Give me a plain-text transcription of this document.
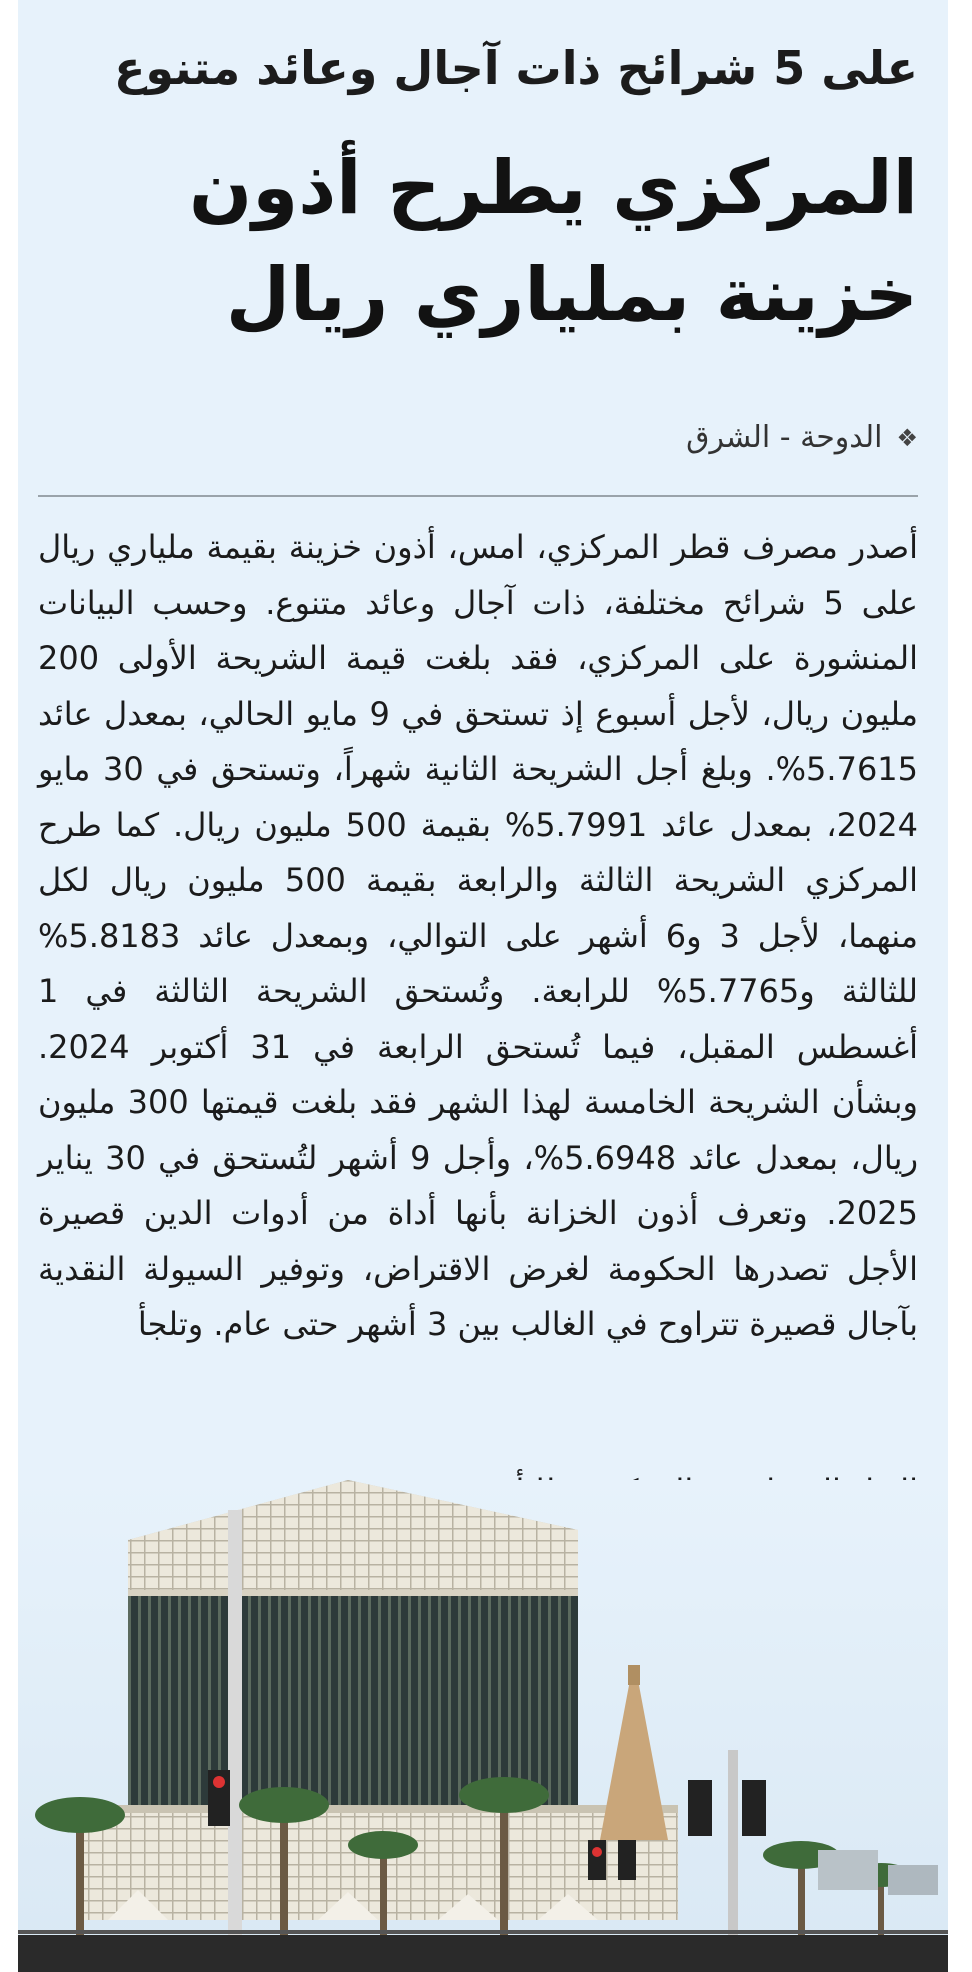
على 5 شرائح ذات آجال وعائد متنوع
المركزي يطرح أذون خزينة بملياري ريال
❖
الدوحة - الشرق
أصدر مصرف قطر المركزي، امس، أذون خزينة بقيمة ملياري ريال على 5 شرائح مختلفة، ذات آجال وعائد متنوع. وحسب البيانات المنشورة على المركزي، فقد بلغت قيمة الشريحة الأولى 200 مليون ريال، لأجل أسبوع إذ تستحق في 9 مايو الحالي، بمعدل عائد 5.7615%. وبلغ أجل الشريحة الثانية شهراً، وتستحق في 30 مايو 2024، بمعدل عائد 5.7991% بقيمة 500 مليون ريال. كما طرح المركزي الشريحة الثالثة والرابعة بقيمة 500 مليون ريال لكل منهما، لأجل 3 و6 أشهر على التوالي، وبمعدل عائد 5.8183% للثالثة و5.7765% للرابعة. وتُستحق الشريحة الثالثة في 1 أغسطس المقبل، فيما تُستحق الرابعة في 31 أكتوبر 2024. وبشأن الشريحة الخامسة لهذا الشهر فقد بلغت قيمتها 300 مليون ريال، بمعدل عائد 5.6948%، وأجل 9 أشهر لتُستحق في 30 يناير 2025. وتعرف أذون الخزانة بأنها أداة من أدوات الدين قصيرة الأجل تصدرها الحكومة لغرض الاقتراض، وتوفير السيولة النقدية بآجال قصيرة تتراوح في الغالب بين 3 أشهر حتى عام. وتلجأ
